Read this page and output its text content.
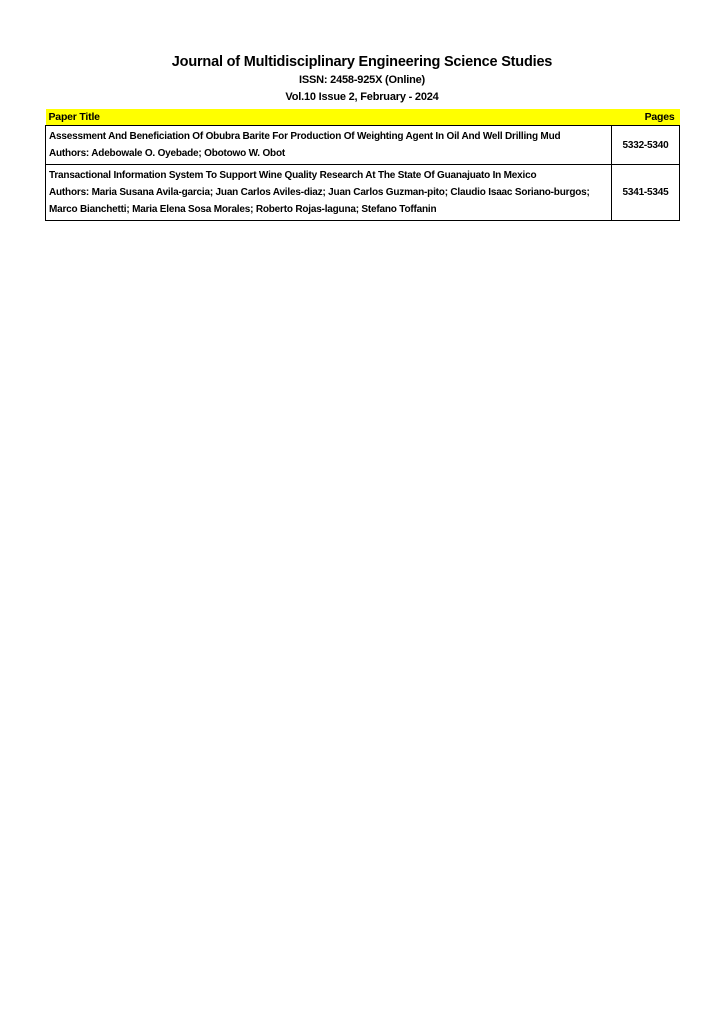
Journal of Multidisciplinary Engineering Science Studies
ISSN: 2458-925X (Online)
Vol.10 Issue 2, February - 2024
Paper Title	Pages

Assessment And Beneficiation Of Obubra Barite For Production Of Weighting Agent In Oil And Well Drilling Mud
Authors: Adebowale O. Oyebade; Obotowo W. Obot	5332-5340

Transactional Information System To Support Wine Quality Research At The State Of Guanajuato In Mexico
Authors: Maria Susana Avila-garcia; Juan Carlos Aviles-diaz; Juan Carlos Guzman-pito; Claudio Isaac Soriano-burgos; Marco Bianchetti; Maria Elena Sosa Morales; Roberto Rojas-laguna; Stefano Toffanin	5341-5345
